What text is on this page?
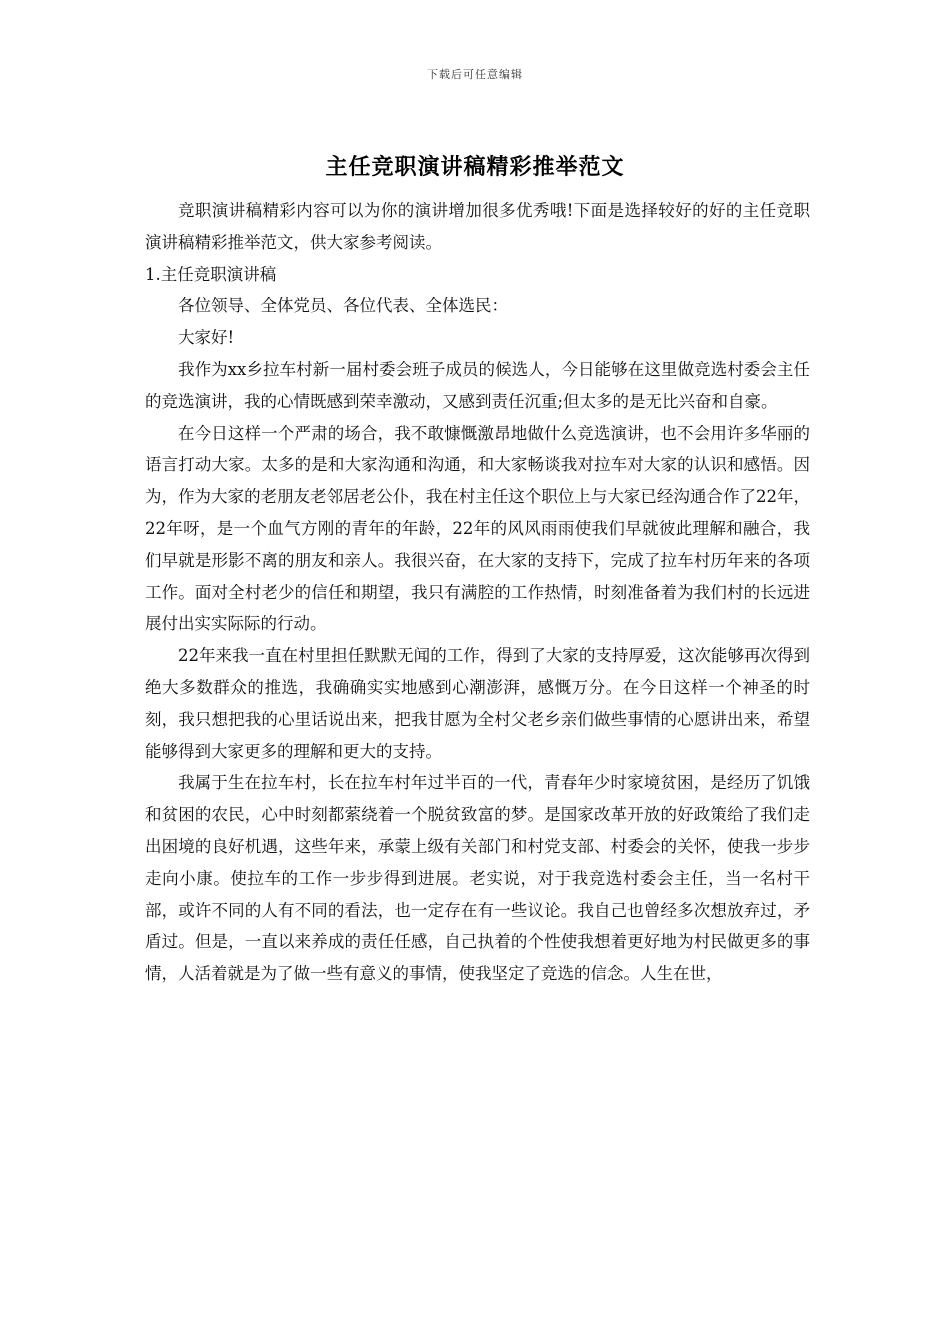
下载后可任意编辑
主任竞职演讲稿精彩推举范文

竞职演讲稿精彩内容可以为你的演讲增加很多优秀哦!下面是选择较好的好的主任竞职演讲稿精彩推举范文，供大家参考阅读。

1.主任竞职演讲稿

各位领导、全体党员、各位代表、全体选民：

大家好!

我作为xx乡拉车村新一届村委会班子成员的候选人，今日能够在这里做竞选村委会主任的竞选演讲，我的心情既感到荣幸激动，又感到责任沉重;但太多的是无比兴奋和自豪。

在今日这样一个严肃的场合，我不敢慷慨激昂地做什么竞选演讲，也不会用许多华丽的语言打动大家。太多的是和大家沟通和沟通，和大家畅谈我对拉车对大家的认识和感悟。因为，作为大家的老朋友老邻居老公仆，我在村主任这个职位上与大家已经沟通合作了22年，22年呀，是一个血气方刚的青年的年龄，22年的风风雨雨使我们早就彼此理解和融合，我们早就是形影不离的朋友和亲人。我很兴奋，在大家的支持下，完成了拉车村历年来的各项工作。面对全村老少的信任和期望，我只有满腔的工作热情，时刻准备着为我们村的长远进展付出实实际际的行动。

22年来我一直在村里担任默默无闻的工作，得到了大家的支持厚爱，这次能够再次得到绝大多数群众的推选，我确确实实地感到心潮澎湃，感慨万分。在今日这样一个神圣的时刻，我只想把我的心里话说出来，把我甘愿为全村父老乡亲们做些事情的心愿讲出来，希望能够得到大家更多的理解和更大的支持。

我属于生在拉车村，长在拉车村年过半百的一代，青春年少时家境贫困，是经历了饥饿和贫困的农民，心中时刻都萦绕着一个脱贫致富的梦。是国家改革开放的好政策给了我们走出困境的良好机遇，这些年来，承蒙上级有关部门和村党支部、村委会的关怀，使我一步步走向小康。使拉车的工作一步步得到进展。老实说，对于我竞选村委会主任，当一名村干部，或许不同的人有不同的看法，也一定存在有一些议论。我自己也曾经多次想放弃过，矛盾过。但是，一直以来养成的责任任感，自己执着的个性使我想着更好地为村民做更多的事情，人活着就是为了做一些有意义的事情，使我坚定了竞选的信念。人生在世，
